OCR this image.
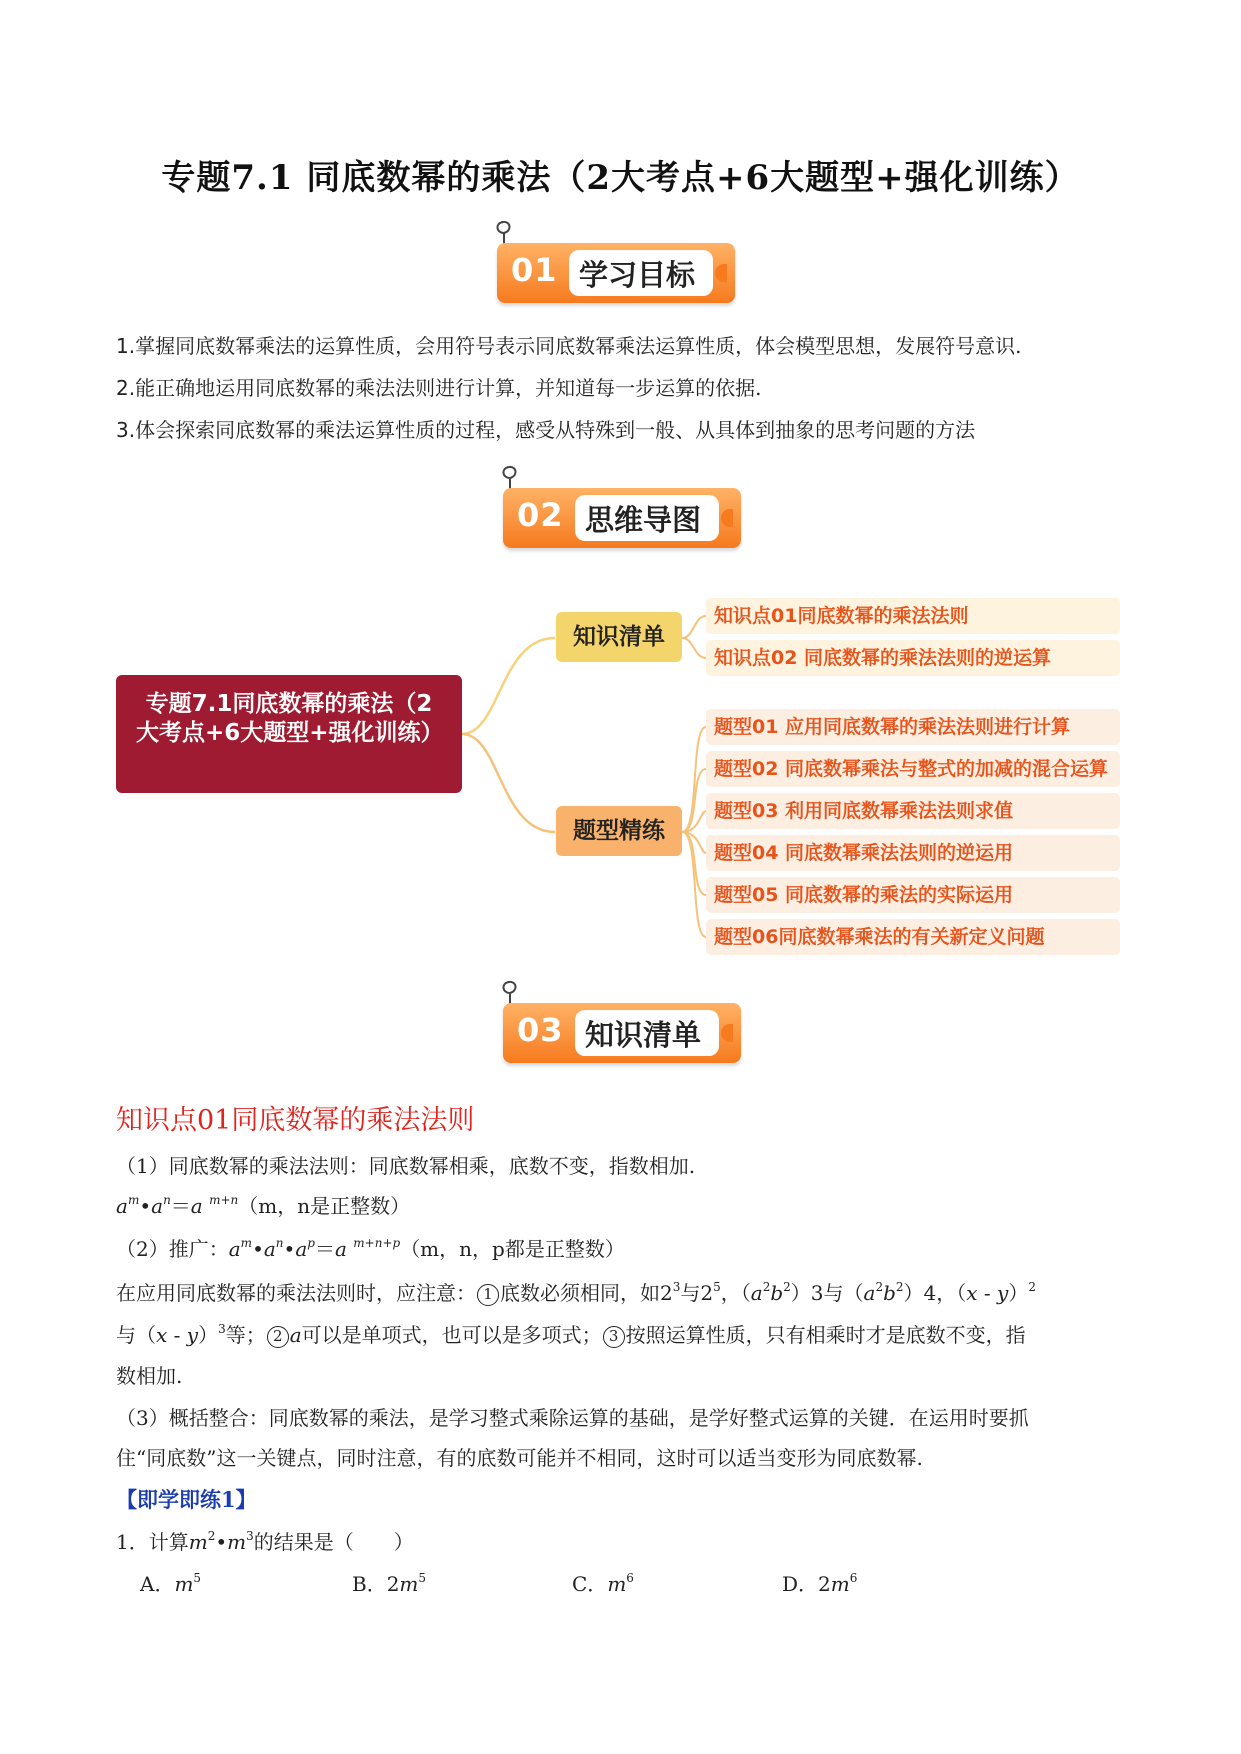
专题7.1 同底数幂的乘法（2大考点+6大题型+强化训练）
01 学习目标
1.掌握同底数幂乘法的运算性质，会用符号表示同底数幂乘法运算性质，体会模型思想，发展符号意识.
2.能正确地运用同底数幂的乘法法则进行计算，并知道每一步运算的依据.
3.体会探索同底数幂的乘法运算性质的过程，感受从特殊到一般、从具体到抽象的思考问题的方法
02 思维导图
专题7.1同底数幂的乘法（2大考点+6大题型+强化训练）
知识清单
题型精练
知识点01同底数幂的乘法法则
知识点02 同底数幂的乘法法则的逆运算
题型01 应用同底数幂的乘法法则进行计算
题型02 同底数幂乘法与整式的加减的混合运算
题型03 利用同底数幂乘法法则求值
题型04 同底数幂乘法法则的逆运用
题型05 同底数幂的乘法的实际运用
题型06同底数幂乘法的有关新定义问题
03 知识清单
知识点01同底数幂的乘法法则
（1）同底数幂的乘法法则：同底数幂相乘，底数不变，指数相加.
$a^m•a^n=a$ $^{m+n}$（m，n是正整数）
（2）推广：$a^m•a^n•a^p=a$ $^{m+n+p}$（m，n，p都是正整数）
在应用同底数幂的乘法法则时，应注意： 1 底数必须相同，如$2^3$与$2^5$，$(a^2b^2)3$与$(a^2b^2)4$，（x - y）$^2$
与（x - y）$^3$等； 2 a可以是单项式，也可以是多项式； 3 按照运算性质，只有相乘时才是底数不变，指
数相加.
（3）概括整合：同底数幂的乘法，是学习整式乘除运算的基础，是学好整式运算的关键．在运用时要抓
住“同底数”这一关键点，同时注意，有的底数可能并不相同，这时可以适当变形为同底数幂.
【即学即练1】
1．计算$m^2•m^3$的结果是（　　）
A．$m^5$	B．$2m^5$	C．$m^6$	D．$2m^6$
